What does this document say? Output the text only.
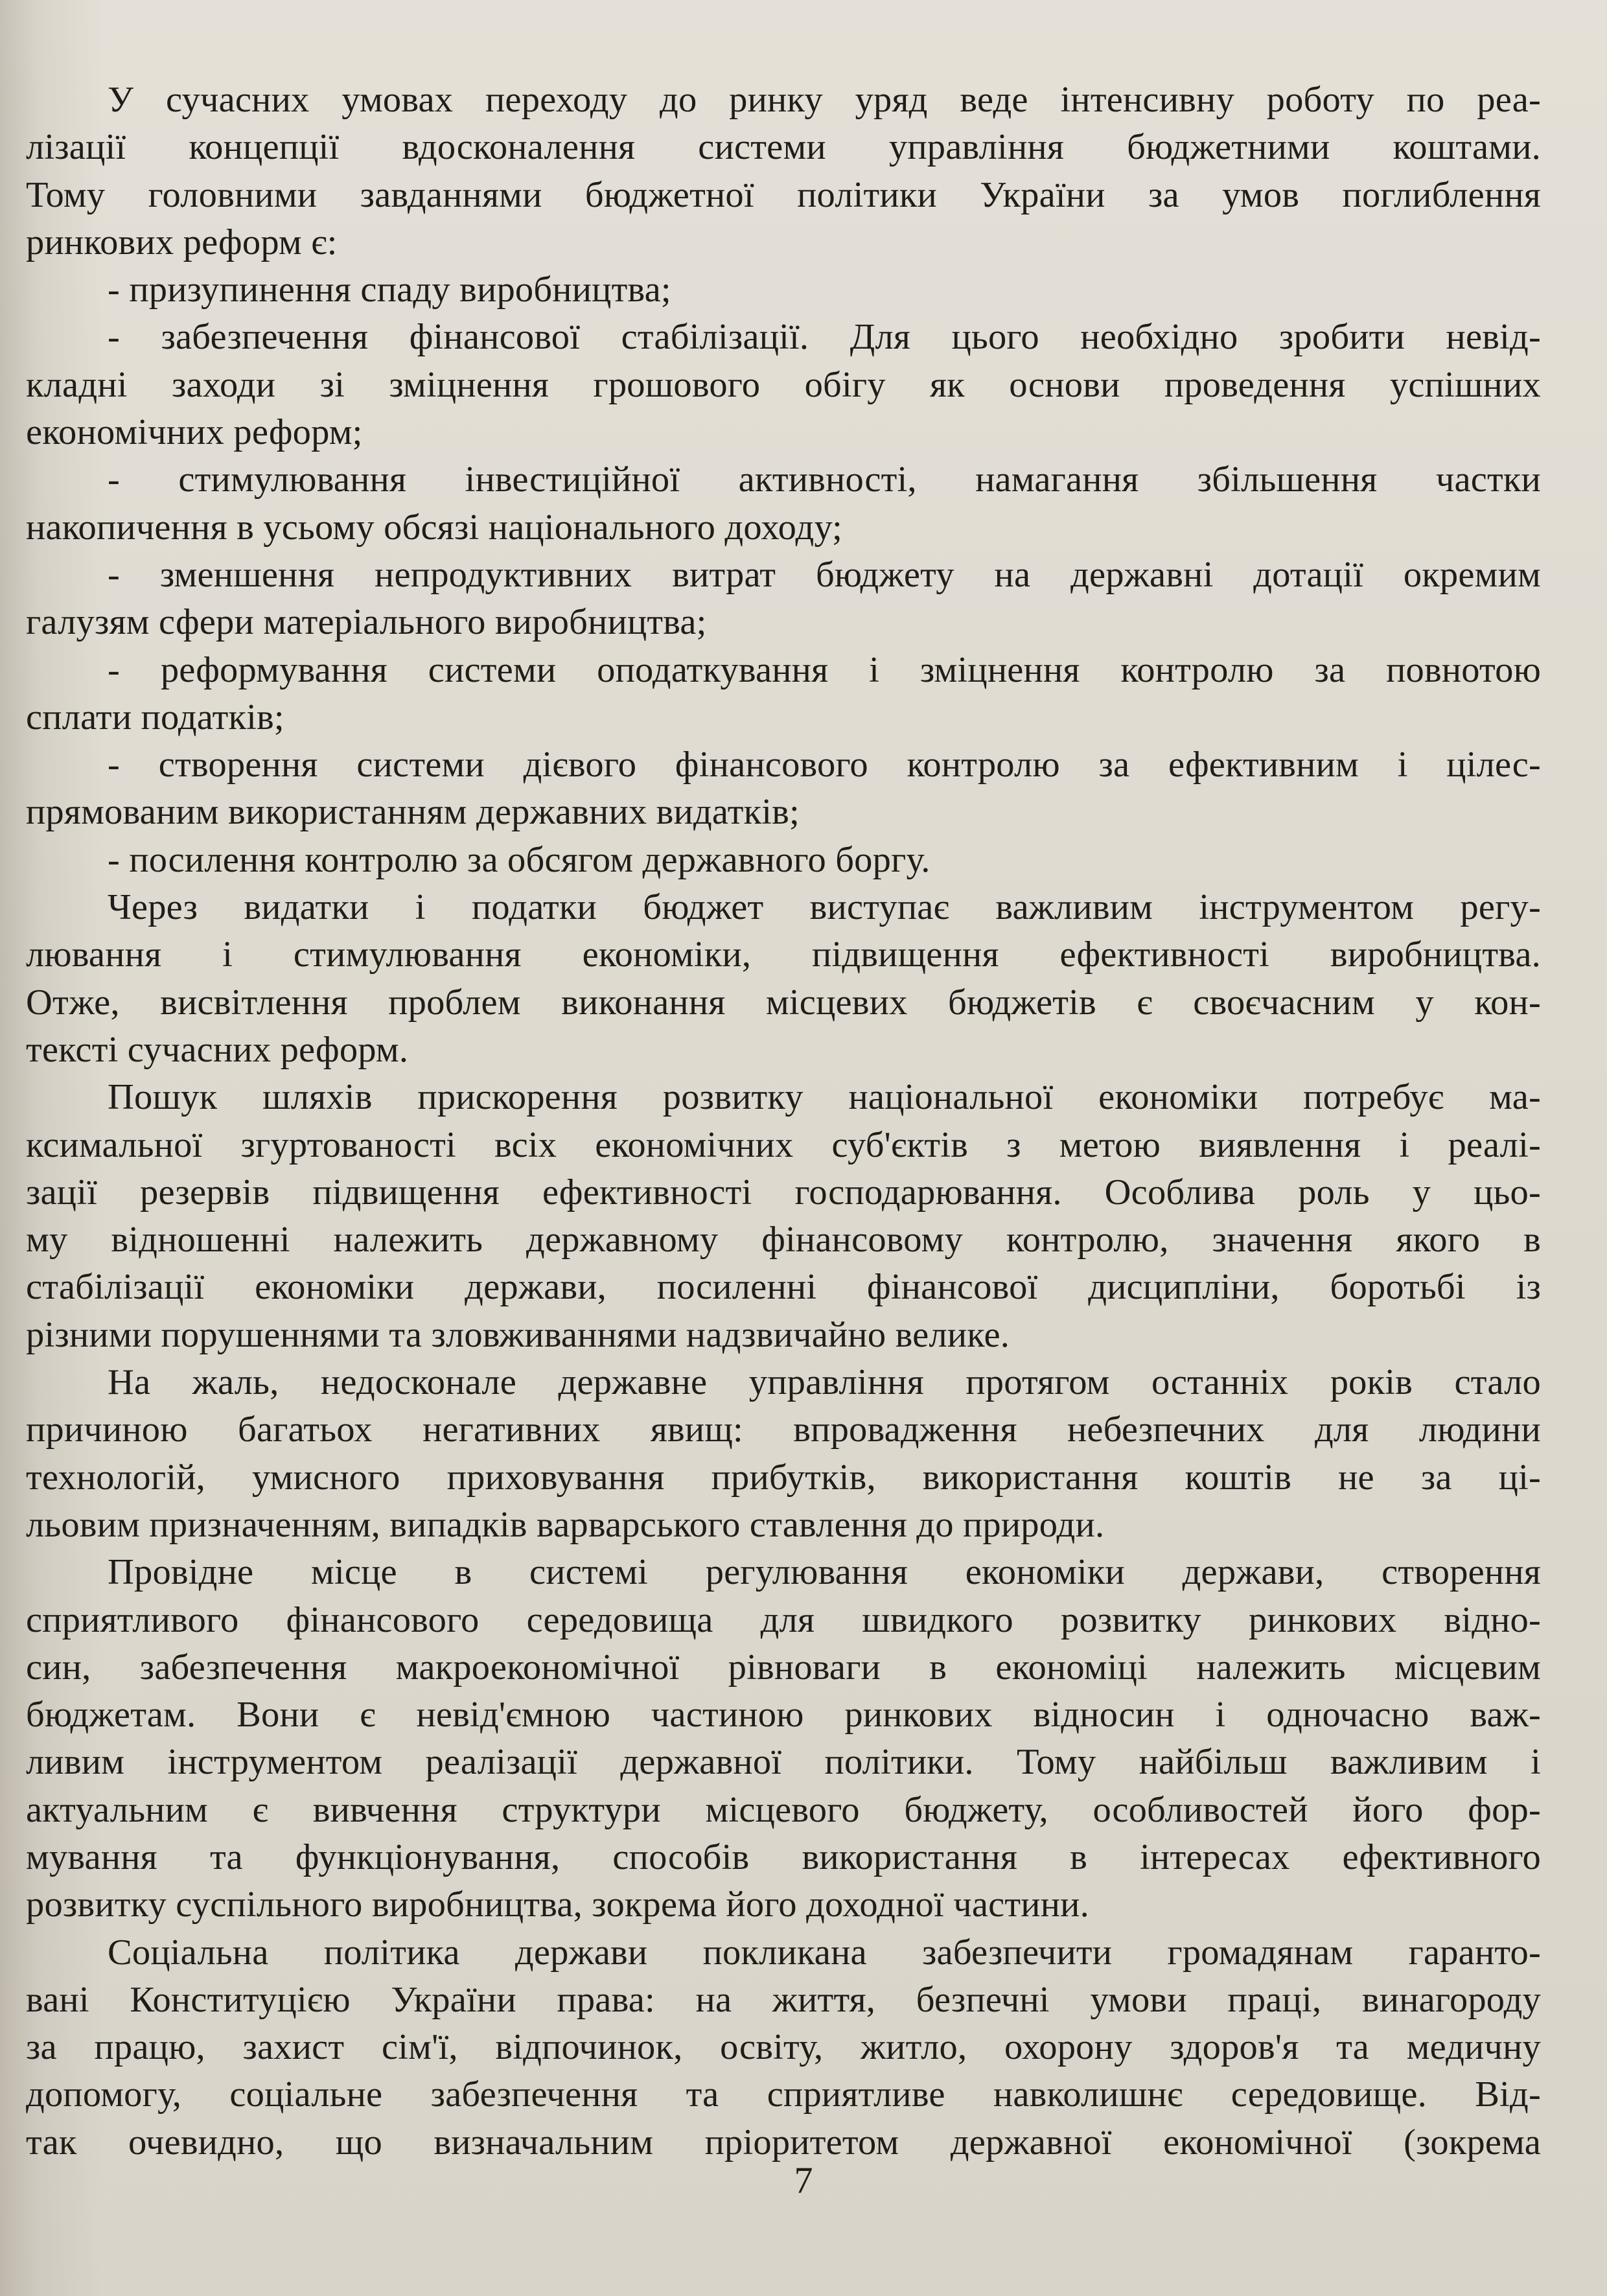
У сучасних умовах переходу до ринку уряд веде інтенсивну роботу по реа-
лізації концепції вдосконалення системи управління бюджетними коштами.
Тому головними завданнями бюджетної політики України за умов поглиблення
ринкових реформ є:
- призупинення спаду виробництва;
- забезпечення фінансової стабілізації. Для цього необхідно зробити невід-
кладні заходи зі зміцнення грошового обігу як основи проведення успішних
економічних реформ;
- стимулювання інвестиційної активності, намагання збільшення частки
накопичення в усьому обсязі національного доходу;
- зменшення непродуктивних витрат бюджету на державні дотації окремим
галузям сфери матеріального виробництва;
- реформування системи оподаткування і зміцнення контролю за повнотою
сплати податків;
- створення системи дієвого фінансового контролю за ефективним і цілес-
прямованим використанням державних видатків;
- посилення контролю за обсягом державного боргу.
Через видатки і податки бюджет виступає важливим інструментом регу-
лювання і стимулювання економіки, підвищення ефективності виробництва.
Отже, висвітлення проблем виконання місцевих бюджетів є своєчасним у кон-
тексті сучасних реформ.
Пошук шляхів прискорення розвитку національної економіки потребує ма-
ксимальної згуртованості всіх економічних суб'єктів з метою виявлення і реалі-
зації резервів підвищення ефективності господарювання. Особлива роль у цьо-
му відношенні належить державному фінансовому контролю, значення якого в
стабілізації економіки держави, посиленні фінансової дисципліни, боротьбі із
різними порушеннями та зловживаннями надзвичайно велике.
На жаль, недосконале державне управління протягом останніх років стало
причиною багатьох негативних явищ: впровадження небезпечних для людини
технологій, умисного приховування прибутків, використання коштів не за ці-
льовим призначенням, випадків варварського ставлення до природи.
Провідне місце в системі регулювання економіки держави, створення
сприятливого фінансового середовища для швидкого розвитку ринкових відно-
син, забезпечення макроекономічної рівноваги в економіці належить місцевим
бюджетам. Вони є невід'ємною частиною ринкових відносин і одночасно важ-
ливим інструментом реалізації державної політики. Тому найбільш важливим і
актуальним є вивчення структури місцевого бюджету, особливостей його фор-
мування та функціонування, способів використання в інтересах ефективного
розвитку суспільного виробництва, зокрема його доходної частини.
Соціальна політика держави покликана забезпечити громадянам гаранто-
вані Конституцією України права: на життя, безпечні умови праці, винагороду
за працю, захист сім'ї, відпочинок, освіту, житло, охорону здоров'я та медичну
допомогу, соціальне забезпечення та сприятливе навколишнє середовище. Від-
так очевидно, що визначальним пріоритетом державної економічної (зокрема
7
